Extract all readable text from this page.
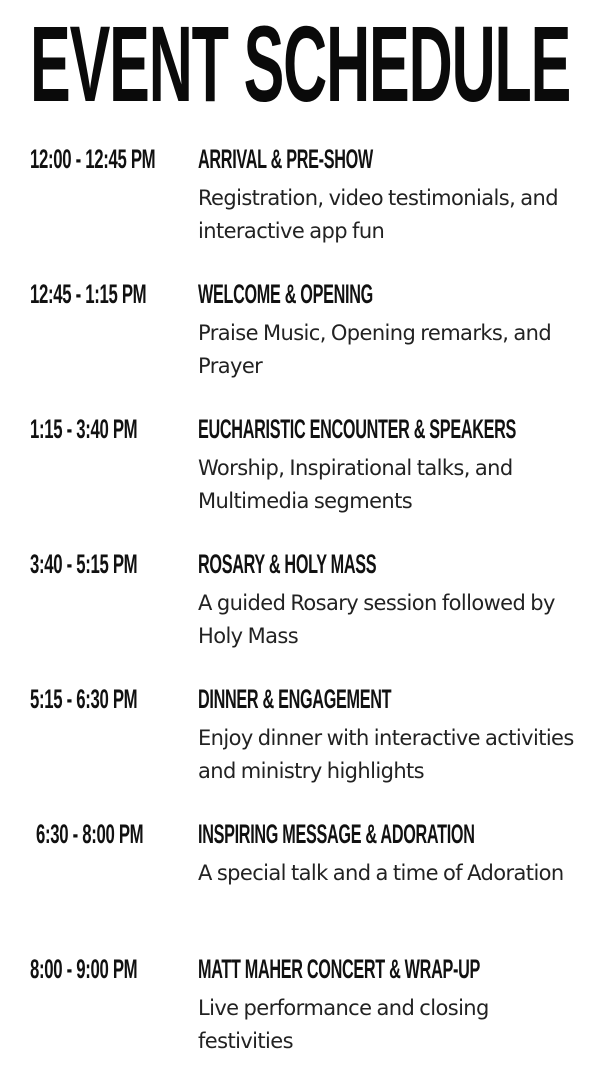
EVENT SCHEDULE
12:00 - 12:45 PM ARRIVAL & PRE-SHOW
Registration, video testimonials, and interactive app fun
12:45 - 1:15 PM WELCOME & OPENING
Praise Music, Opening remarks, and Prayer
1:15 - 3:40 PM EUCHARISTIC ENCOUNTER & SPEAKERS
Worship, Inspirational talks, and Multimedia segments
3:40 - 5:15 PM ROSARY & HOLY MASS
A guided Rosary session followed by Holy Mass
5:15 - 6:30 PM DINNER & ENGAGEMENT
Enjoy dinner with interactive activities and ministry highlights
6:30 - 8:00 PM INSPIRING MESSAGE & ADORATION
A special talk and a time of Adoration
8:00 - 9:00 PM MATT MAHER CONCERT & WRAP-UP
Live performance and closing festivities
